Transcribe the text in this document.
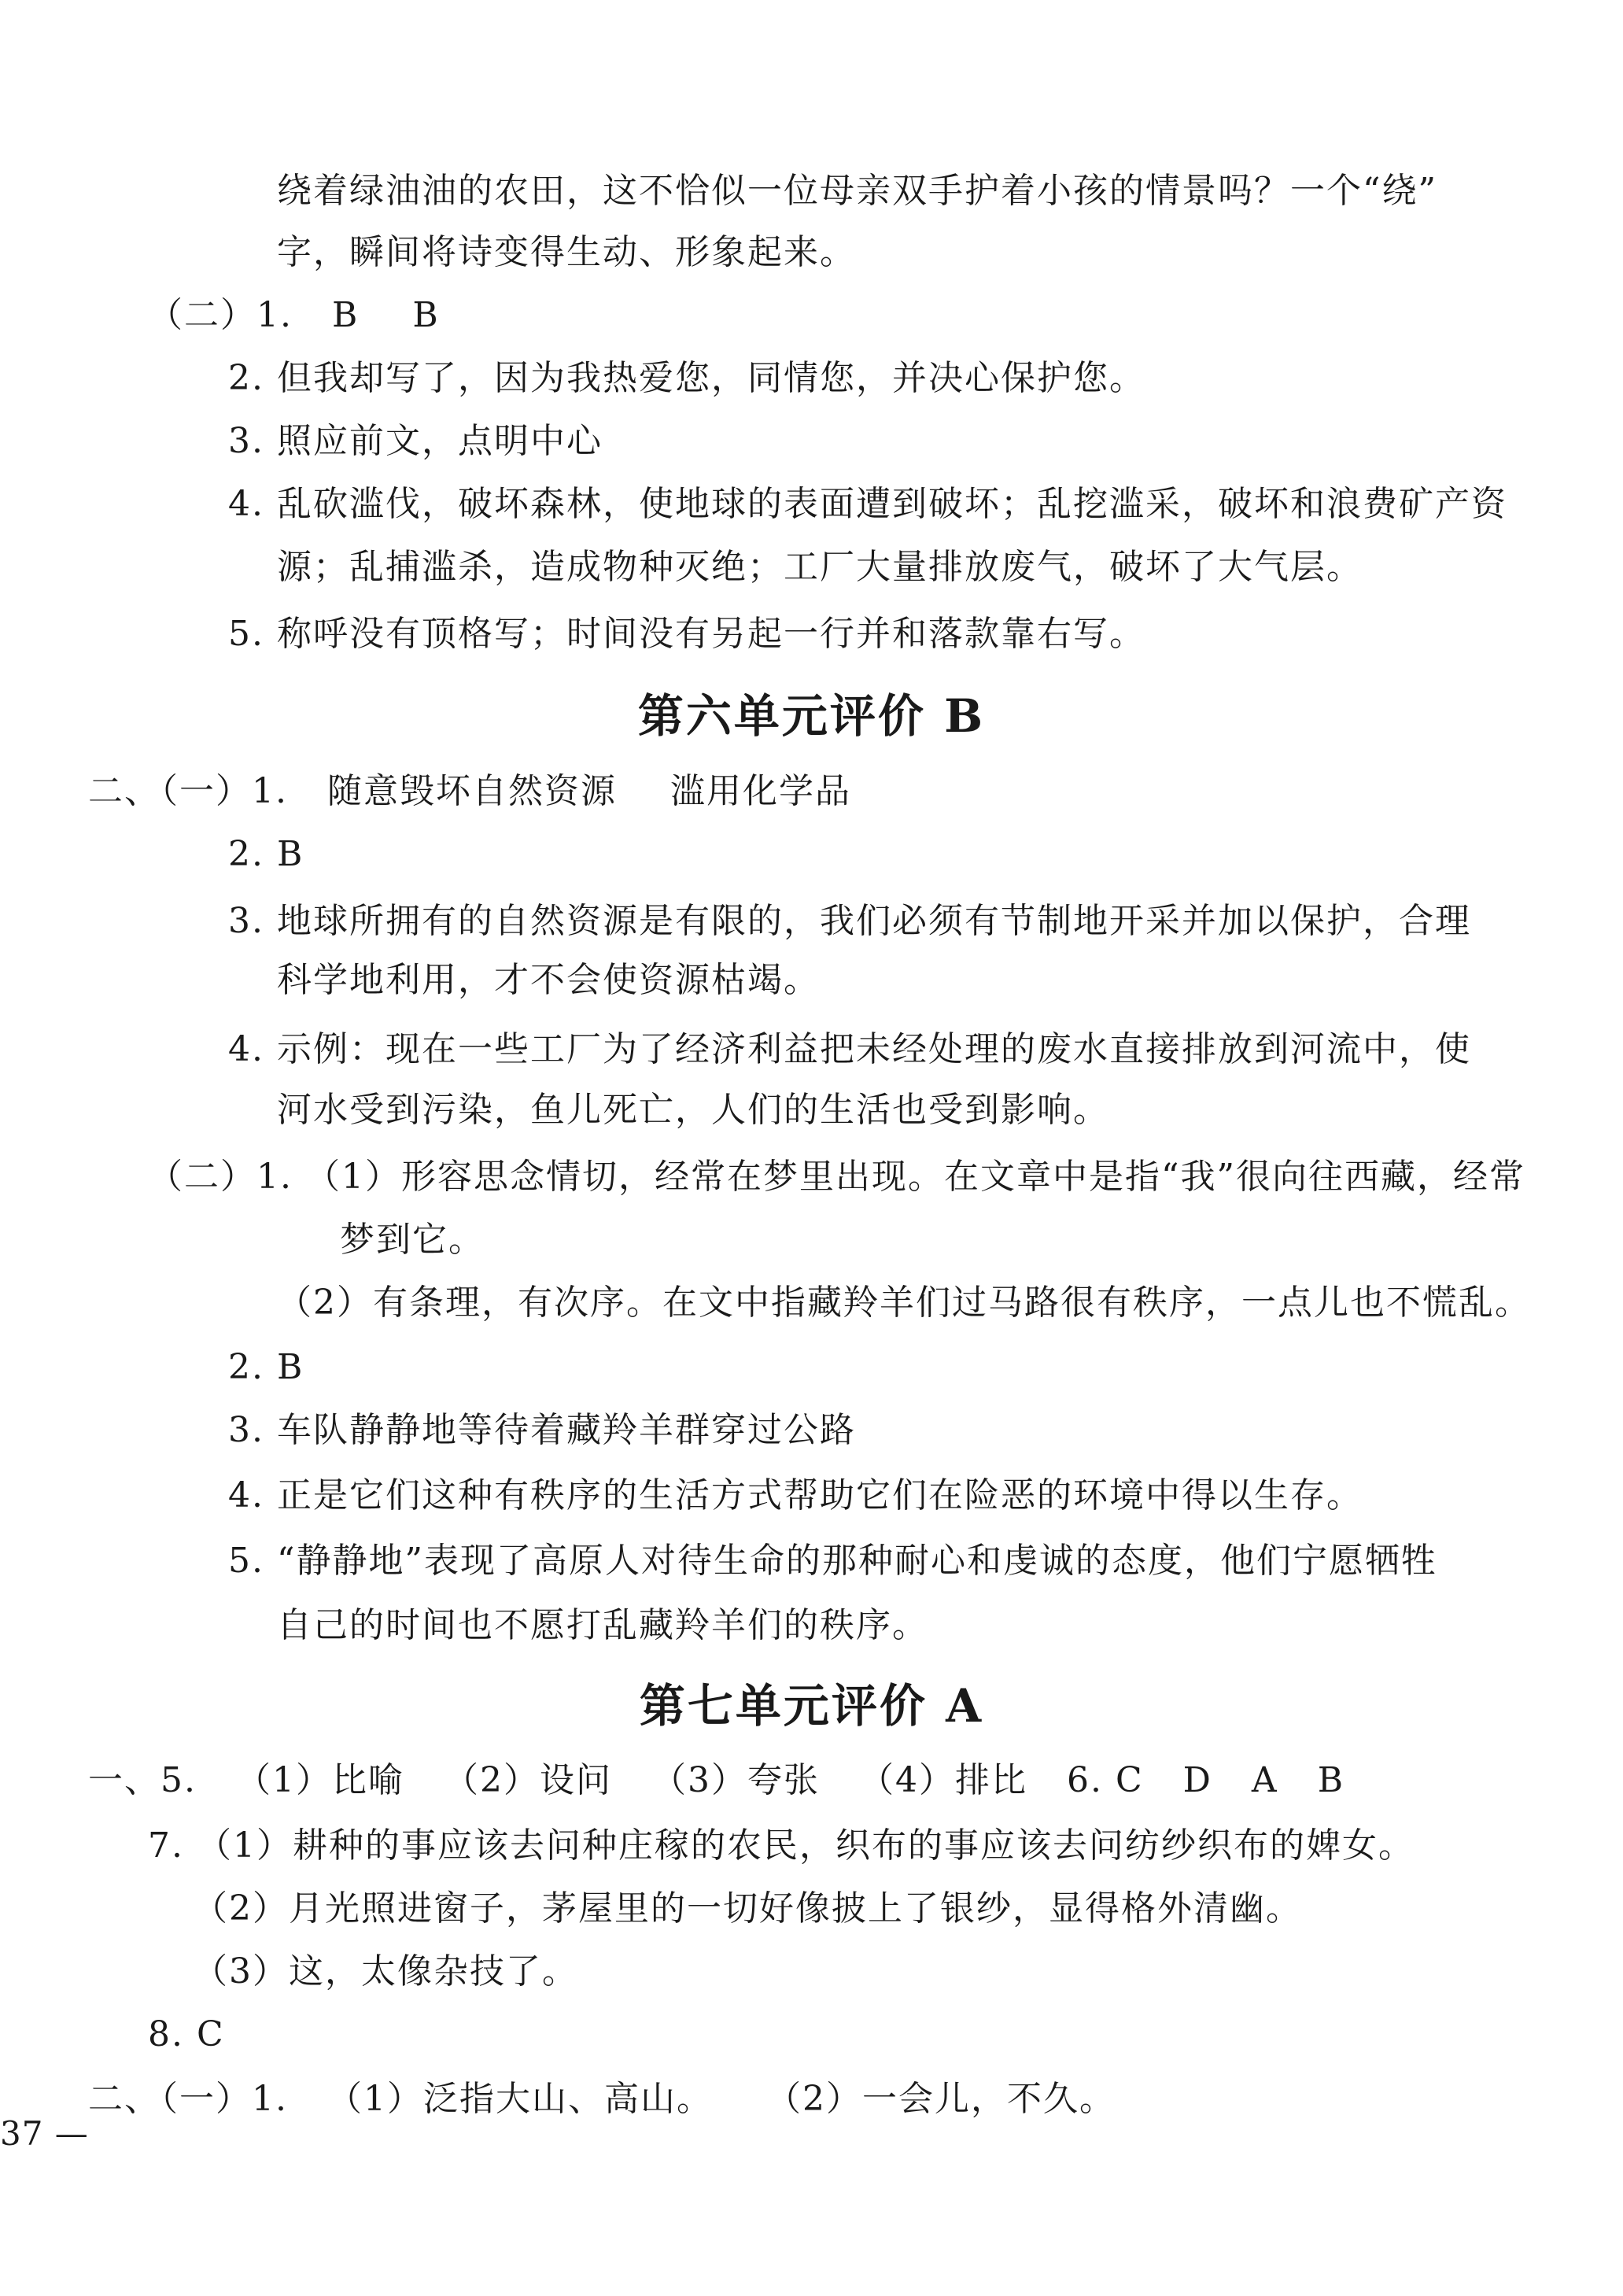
绕着绿油油的农田，这不恰似一位母亲双手护着小孩的情景吗？一个“绕”
字，瞬间将诗变得生动、形象起来。
（二）1. B B
2. 但我却写了，因为我热爱您，同情您，并决心保护您。
3. 照应前文，点明中心
4. 乱砍滥伐，破坏森林，使地球的表面遭到破坏；乱挖滥采，破坏和浪费矿产资
源；乱捕滥杀，造成物种灭绝；工厂大量排放废气，破坏了大气层。
5. 称呼没有顶格写；时间没有另起一行并和落款靠右写。
第六单元评价 B
二、（一）1. 随意毁坏自然资源 滥用化学品
2. B
3. 地球所拥有的自然资源是有限的，我们必须有节制地开采并加以保护，合理
科学地利用，才不会使资源枯竭。
4. 示例：现在一些工厂为了经济利益把未经处理的废水直接排放到河流中，使
河水受到污染，鱼儿死亡，人们的生活也受到影响。
（二）1. （1）形容思念情切，经常在梦里出现。在文章中是指“我”很向往西藏，经常
梦到它。
（2）有条理，有次序。在文中指藏羚羊们过马路很有秩序，一点儿也不慌乱。
2. B
3. 车队静静地等待着藏羚羊群穿过公路
4. 正是它们这种有秩序的生活方式帮助它们在险恶的环境中得以生存。
5. “静静地”表现了高原人对待生命的那种耐心和虔诚的态度，他们宁愿牺牲
自己的时间也不愿打乱藏羚羊们的秩序。
第七单元评价 A
一、5. （1）比喻 （2）设问 （3）夸张 （4）排比 6. C D A B
7. （1）耕种的事应该去问种庄稼的农民，织布的事应该去问纺纱织布的婢女。
（2）月光照进窗子，茅屋里的一切好像披上了银纱，显得格外清幽。
（3）这，太像杂技了。
8. C
二、（一）1. （1）泛指大山、高山。 （2）一会儿，不久。
37 —
